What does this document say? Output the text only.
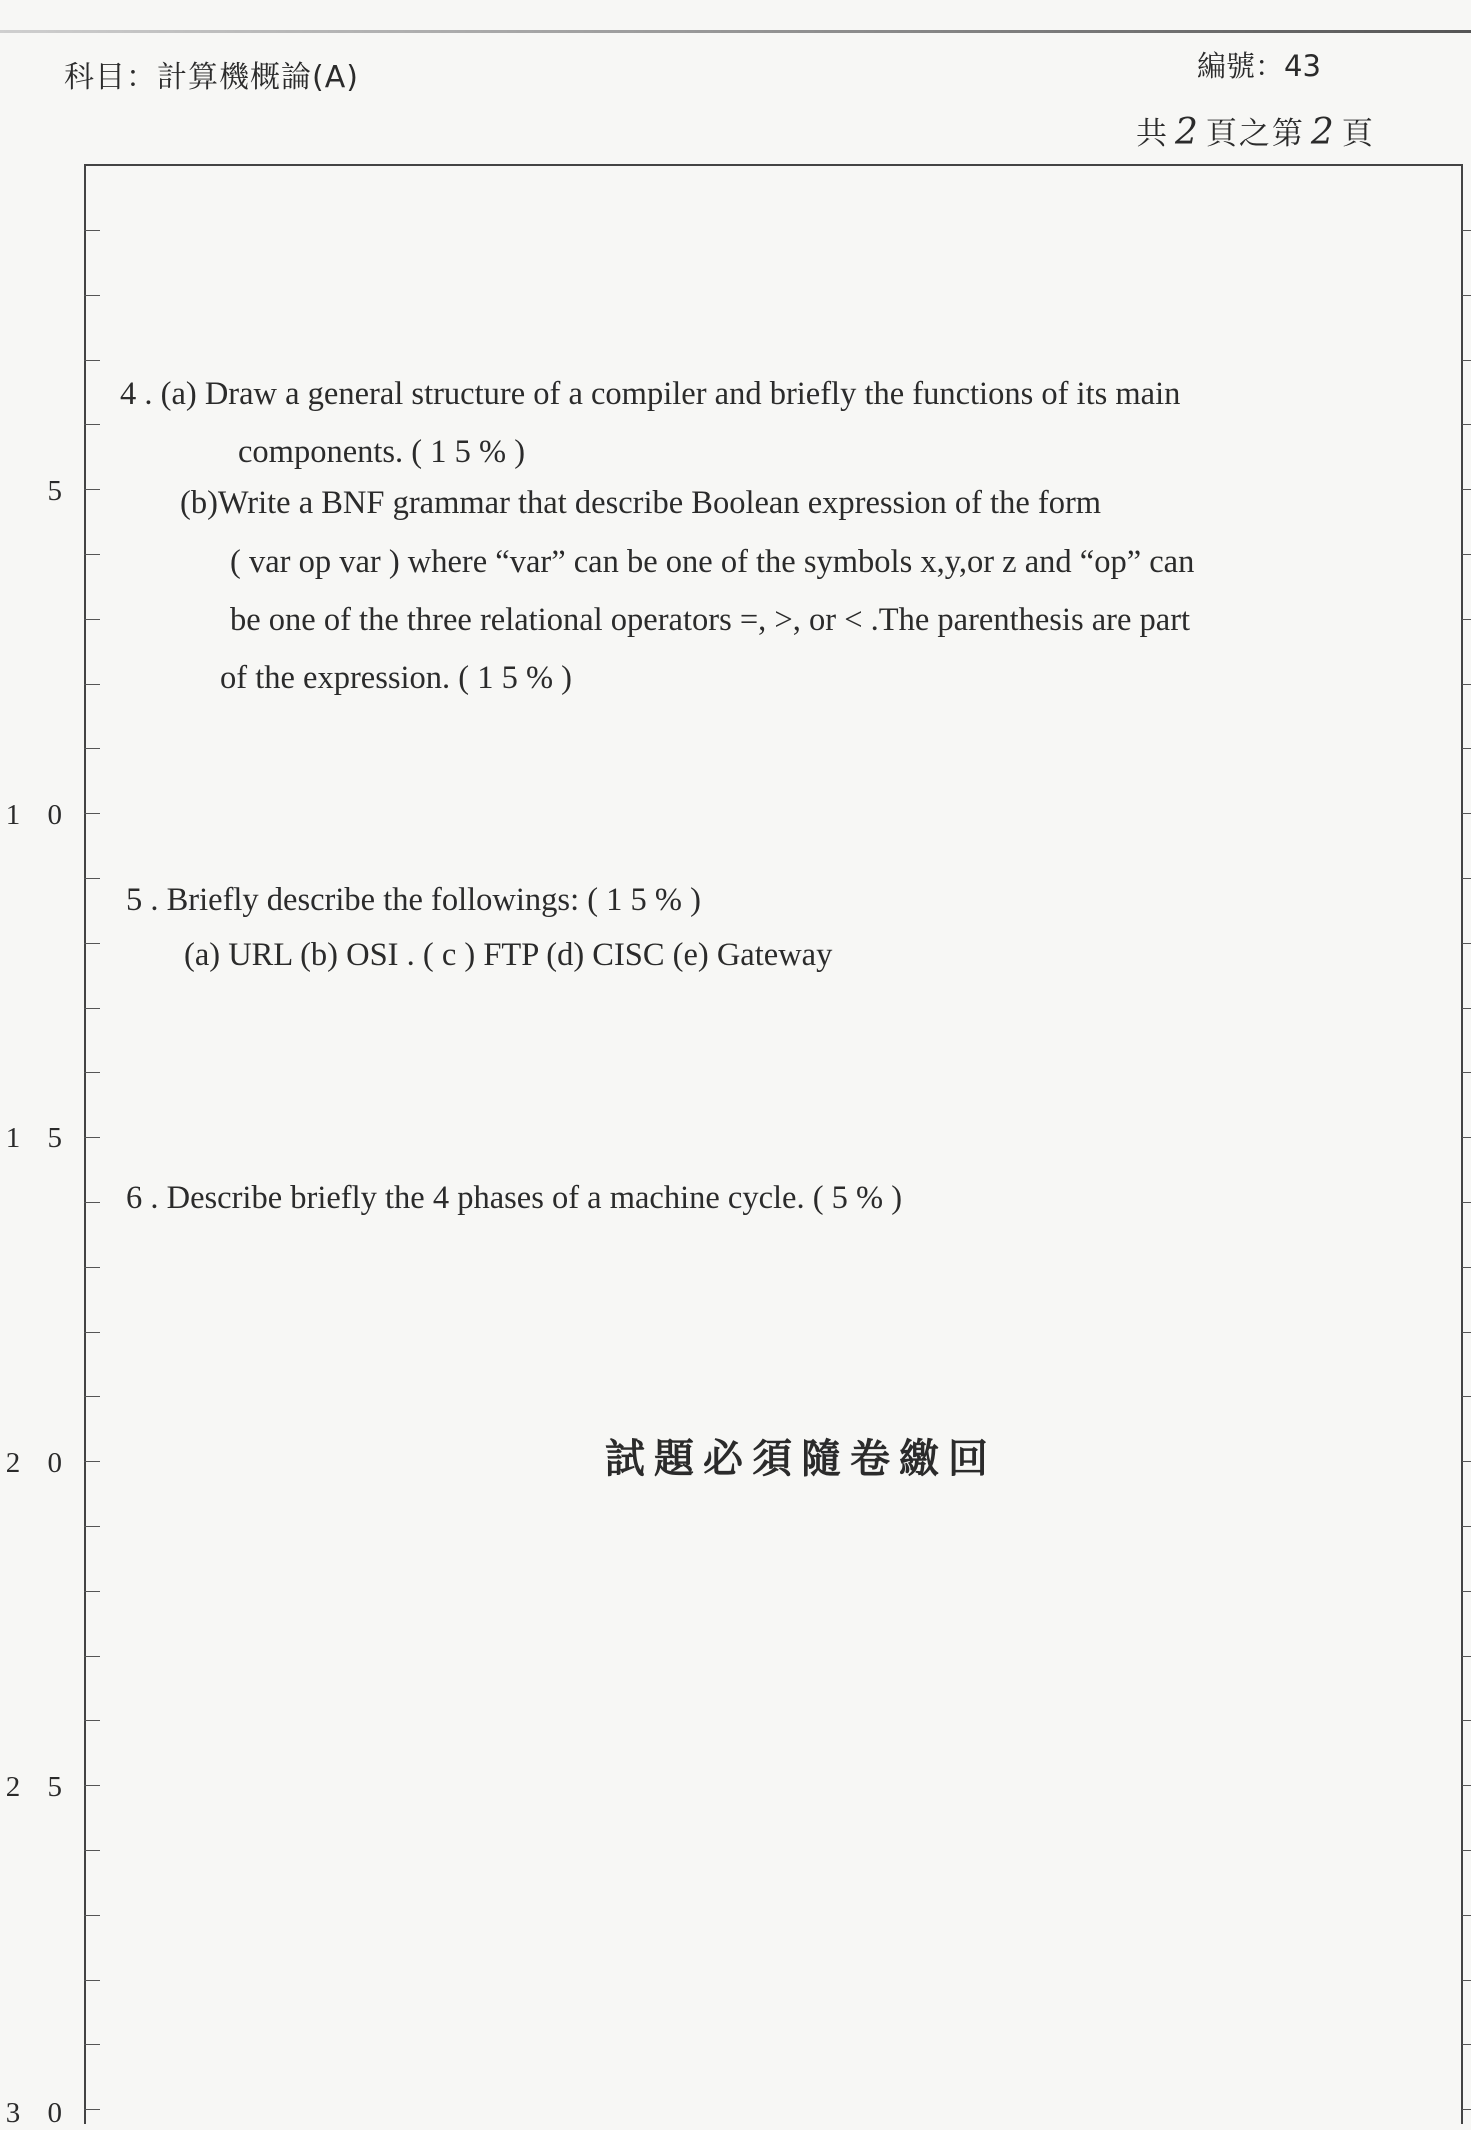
科目：計算機概論(A)	編號：43
共 2 頁之第 2 頁
5
1 0
1 5
2 0
2 5
3 0
4 . (a) Draw a general structure of a compiler and briefly the functions of its main
components. ( 1 5 % )
(b)Write a BNF grammar that describe Boolean expression of the form
( var op var ) where “var” can be one of the symbols x,y,or z and “op” can
be one of the three relational operators =, >, or < .The parenthesis are part
of the expression. ( 1 5 % )
5 . Briefly describe the followings: ( 1 5 % )
(a) URL (b) OSI . ( c ) FTP (d) CISC (e) Gateway
6 . Describe briefly the 4 phases of a machine cycle. ( 5 % )
試題必須隨卷繳回
